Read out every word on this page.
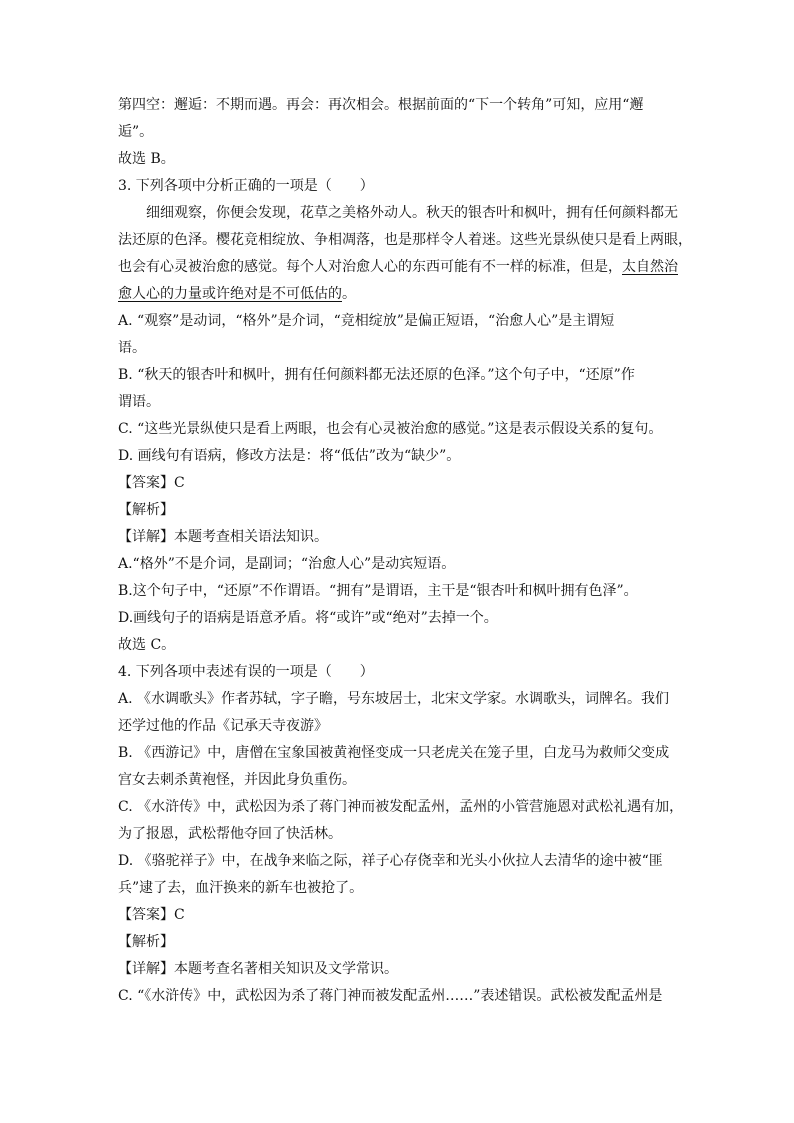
第四空：邂逅：不期而遇。再会：再次相会。根据前面的“下一个转角”可知，应用“邂

逅”。

故选 B。

3. 下列各项中分析正确的一项是（　　）

细细观察，你便会发现，花草之美格外动人。秋天的银杏叶和枫叶，拥有任何颜料都无

法还原的色泽。樱花竞相绽放、争相凋落，也是那样令人着迷。这些光景纵使只是看上两眼，

也会有心灵被治愈的感觉。每个人对治愈人心的东西可能有不一样的标准，但是，太自然治

愈人心的力量或许绝对是不可低估的。

A. “观察”是动词，“格外”是介词，“竞相绽放”是偏正短语，“治愈人心”是主谓短

语。

B. “秋天的银杏叶和枫叶，拥有任何颜料都无法还原的色泽。”这个句子中，“还原”作

谓语。

C. “这些光景纵使只是看上两眼，也会有心灵被治愈的感觉。”这是表示假设关系的复句。

D. 画线句有语病，修改方法是：将“低估”改为“缺少”。

【答案】C

【解析】

【详解】本题考查相关语法知识。

A.“格外”不是介词，是副词；“治愈人心”是动宾短语。

B.这个句子中，“还原”不作谓语。“拥有”是谓语，主干是“银杏叶和枫叶拥有色泽”。

D.画线句子的语病是语意矛盾。将“或许”或“绝对”去掉一个。

故选 C。

4. 下列各项中表述有误的一项是（　　）

A. 《水调歌头》作者苏轼，字子瞻，号东坡居士，北宋文学家。水调歌头，词牌名。我们

还学过他的作品《记承天寺夜游》

B. 《西游记》中，唐僧在宝象国被黄袍怪变成一只老虎关在笼子里，白龙马为救师父变成

宫女去刺杀黄袍怪，并因此身负重伤。

C. 《水浒传》中，武松因为杀了蒋门神而被发配孟州，孟州的小管营施恩对武松礼遇有加，

为了报恩，武松帮他夺回了快活林。

D. 《骆驼祥子》中，在战争来临之际，祥子心存侥幸和光头小伙拉人去清华的途中被“匪

兵”逮了去，血汗换来的新车也被抢了。

【答案】C

【解析】

【详解】本题考查名著相关知识及文学常识。

C. “《水浒传》中，武松因为杀了蒋门神而被发配孟州……”表述错误。武松被发配孟州是
